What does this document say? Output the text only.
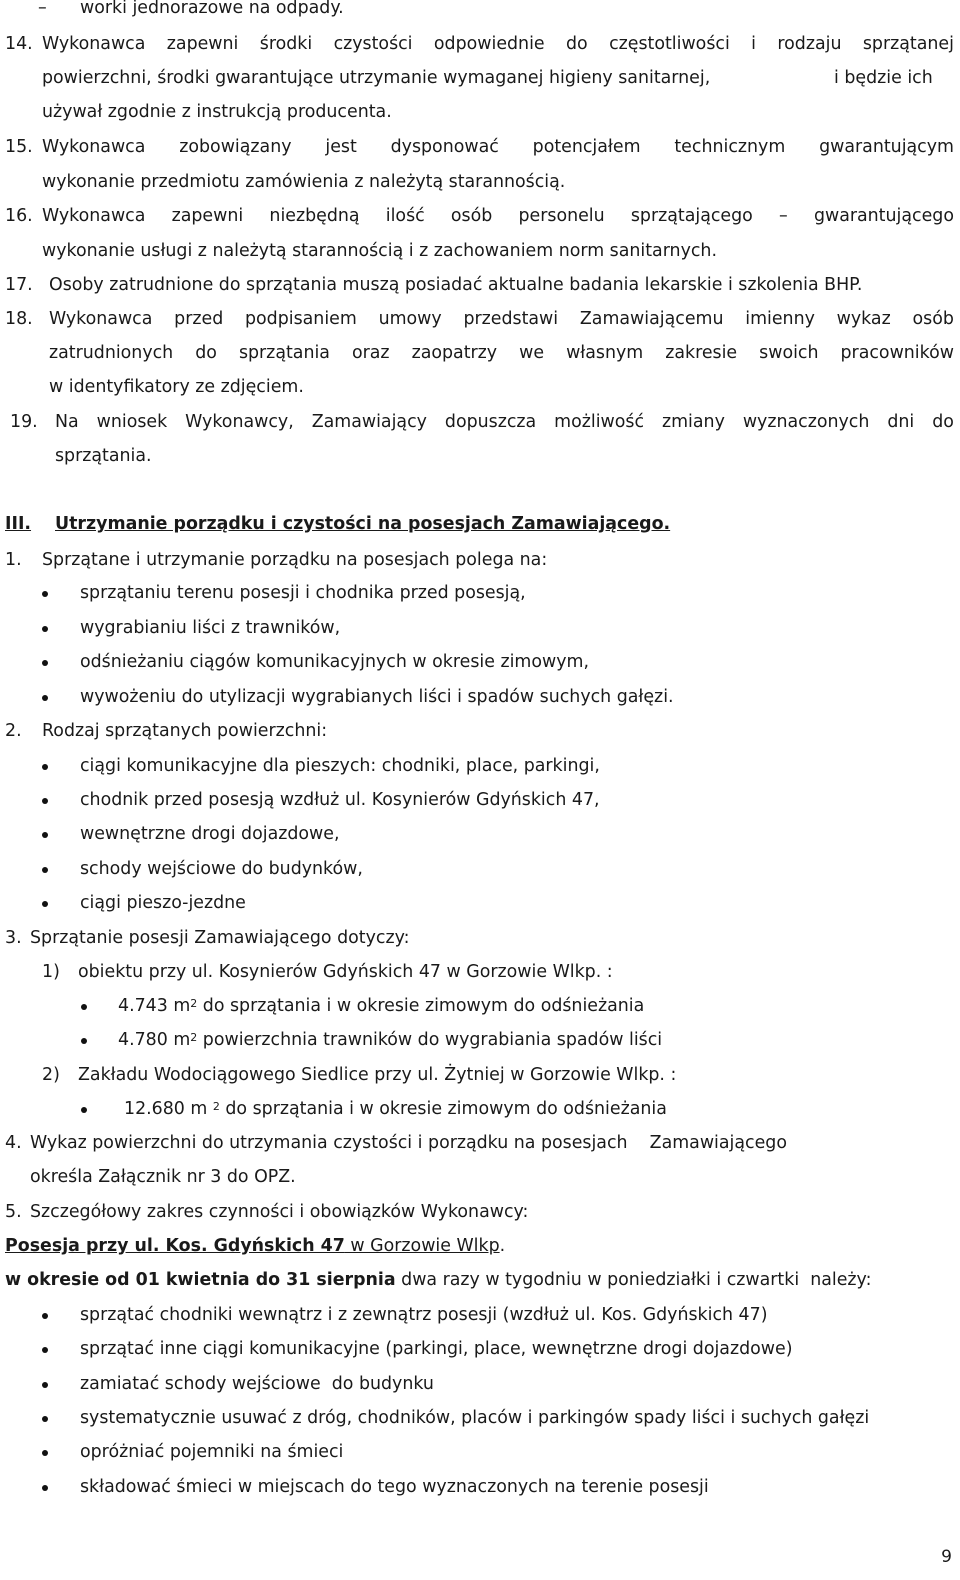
– worki jednorazowe na odpady.
14. Wykonawca zapewni środki czystości odpowiednie do częstotliwości i rodzaju sprzątanej
powierzchni, środki gwarantujące utrzymanie wymaganej higieny sanitarnej,	i będzie ich
używał zgodnie z instrukcją producenta.
15. Wykonawca zobowiązany jest dysponować potencjałem technicznym gwarantującym
wykonanie przedmiotu zamówienia z należytą starannością.
16. Wykonawca zapewni niezbędną ilość osób personelu sprzątającego – gwarantującego
wykonanie usługi z należytą starannością i z zachowaniem norm sanitarnych.
17. Osoby zatrudnione do sprzątania muszą posiadać aktualne badania lekarskie i szkolenia BHP.
18. Wykonawca przed podpisaniem umowy przedstawi Zamawiającemu imienny wykaz osób
zatrudnionych do sprzątania oraz zaopatrzy we własnym zakresie swoich pracowników
w identyfikatory ze zdjęciem.
19. Na wniosek Wykonawcy, Zamawiający dopuszcza możliwość zmiany wyznaczonych dni do
sprzątania.
III. Utrzymanie porządku i czystości na posesjach Zamawiającego.
1. Sprzątane i utrzymanie porządku na posesjach polega na:
sprzątaniu terenu posesji i chodnika przed posesją,
wygrabianiu liści z trawników,
odśnieżaniu ciągów komunikacyjnych w okresie zimowym,
wywożeniu do utylizacji wygrabianych liści i spadów suchych gałęzi.
2. Rodzaj sprzątanych powierzchni:
ciągi komunikacyjne dla pieszych: chodniki, place, parkingi,
chodnik przed posesją wzdłuż ul. Kosynierów Gdyńskich 47,
wewnętrzne drogi dojazdowe,
schody wejściowe do budynków,
ciągi pieszo-jezdne
3. Sprzątanie posesji Zamawiającego dotyczy:
1) obiektu przy ul. Kosynierów Gdyńskich 47 w Gorzowie Wlkp. :
4.743 $m^2$ do sprzątania i w okresie zimowym do odśnieżania
4.780 $m^2$ powierzchnia trawników do wygrabiania spadów liści
2) Zakładu Wodociągowego Siedlice przy ul. Żytniej w Gorzowie Wlkp. :
12.680 m $^2$ do sprzątania i w okresie zimowym do odśnieżania
4. Wykaz powierzchni do utrzymania czystości i porządku na posesjach    Zamawiającego
określa Załącznik nr 3 do OPZ.
5. Szczegółowy zakres czynności i obowiązków Wykonawcy:
Posesja przy ul. Kos. Gdyńskich 47 w Gorzowie Wlkp.
w okresie od 01 kwietnia do 31 sierpnia dwa razy w tygodniu w poniedziałki i czwartki  należy:
sprzątać chodniki wewnątrz i z zewnątrz posesji (wzdłuż ul. Kos. Gdyńskich 47)
sprzątać inne ciągi komunikacyjne (parkingi, place, wewnętrzne drogi dojazdowe)
zamiatać schody wejściowe  do budynku
systematycznie usuwać z dróg, chodników, placów i parkingów spady liści i suchych gałęzi
opróżniać pojemniki na śmieci
składować śmieci w miejscach do tego wyznaczonych na terenie posesji
9
